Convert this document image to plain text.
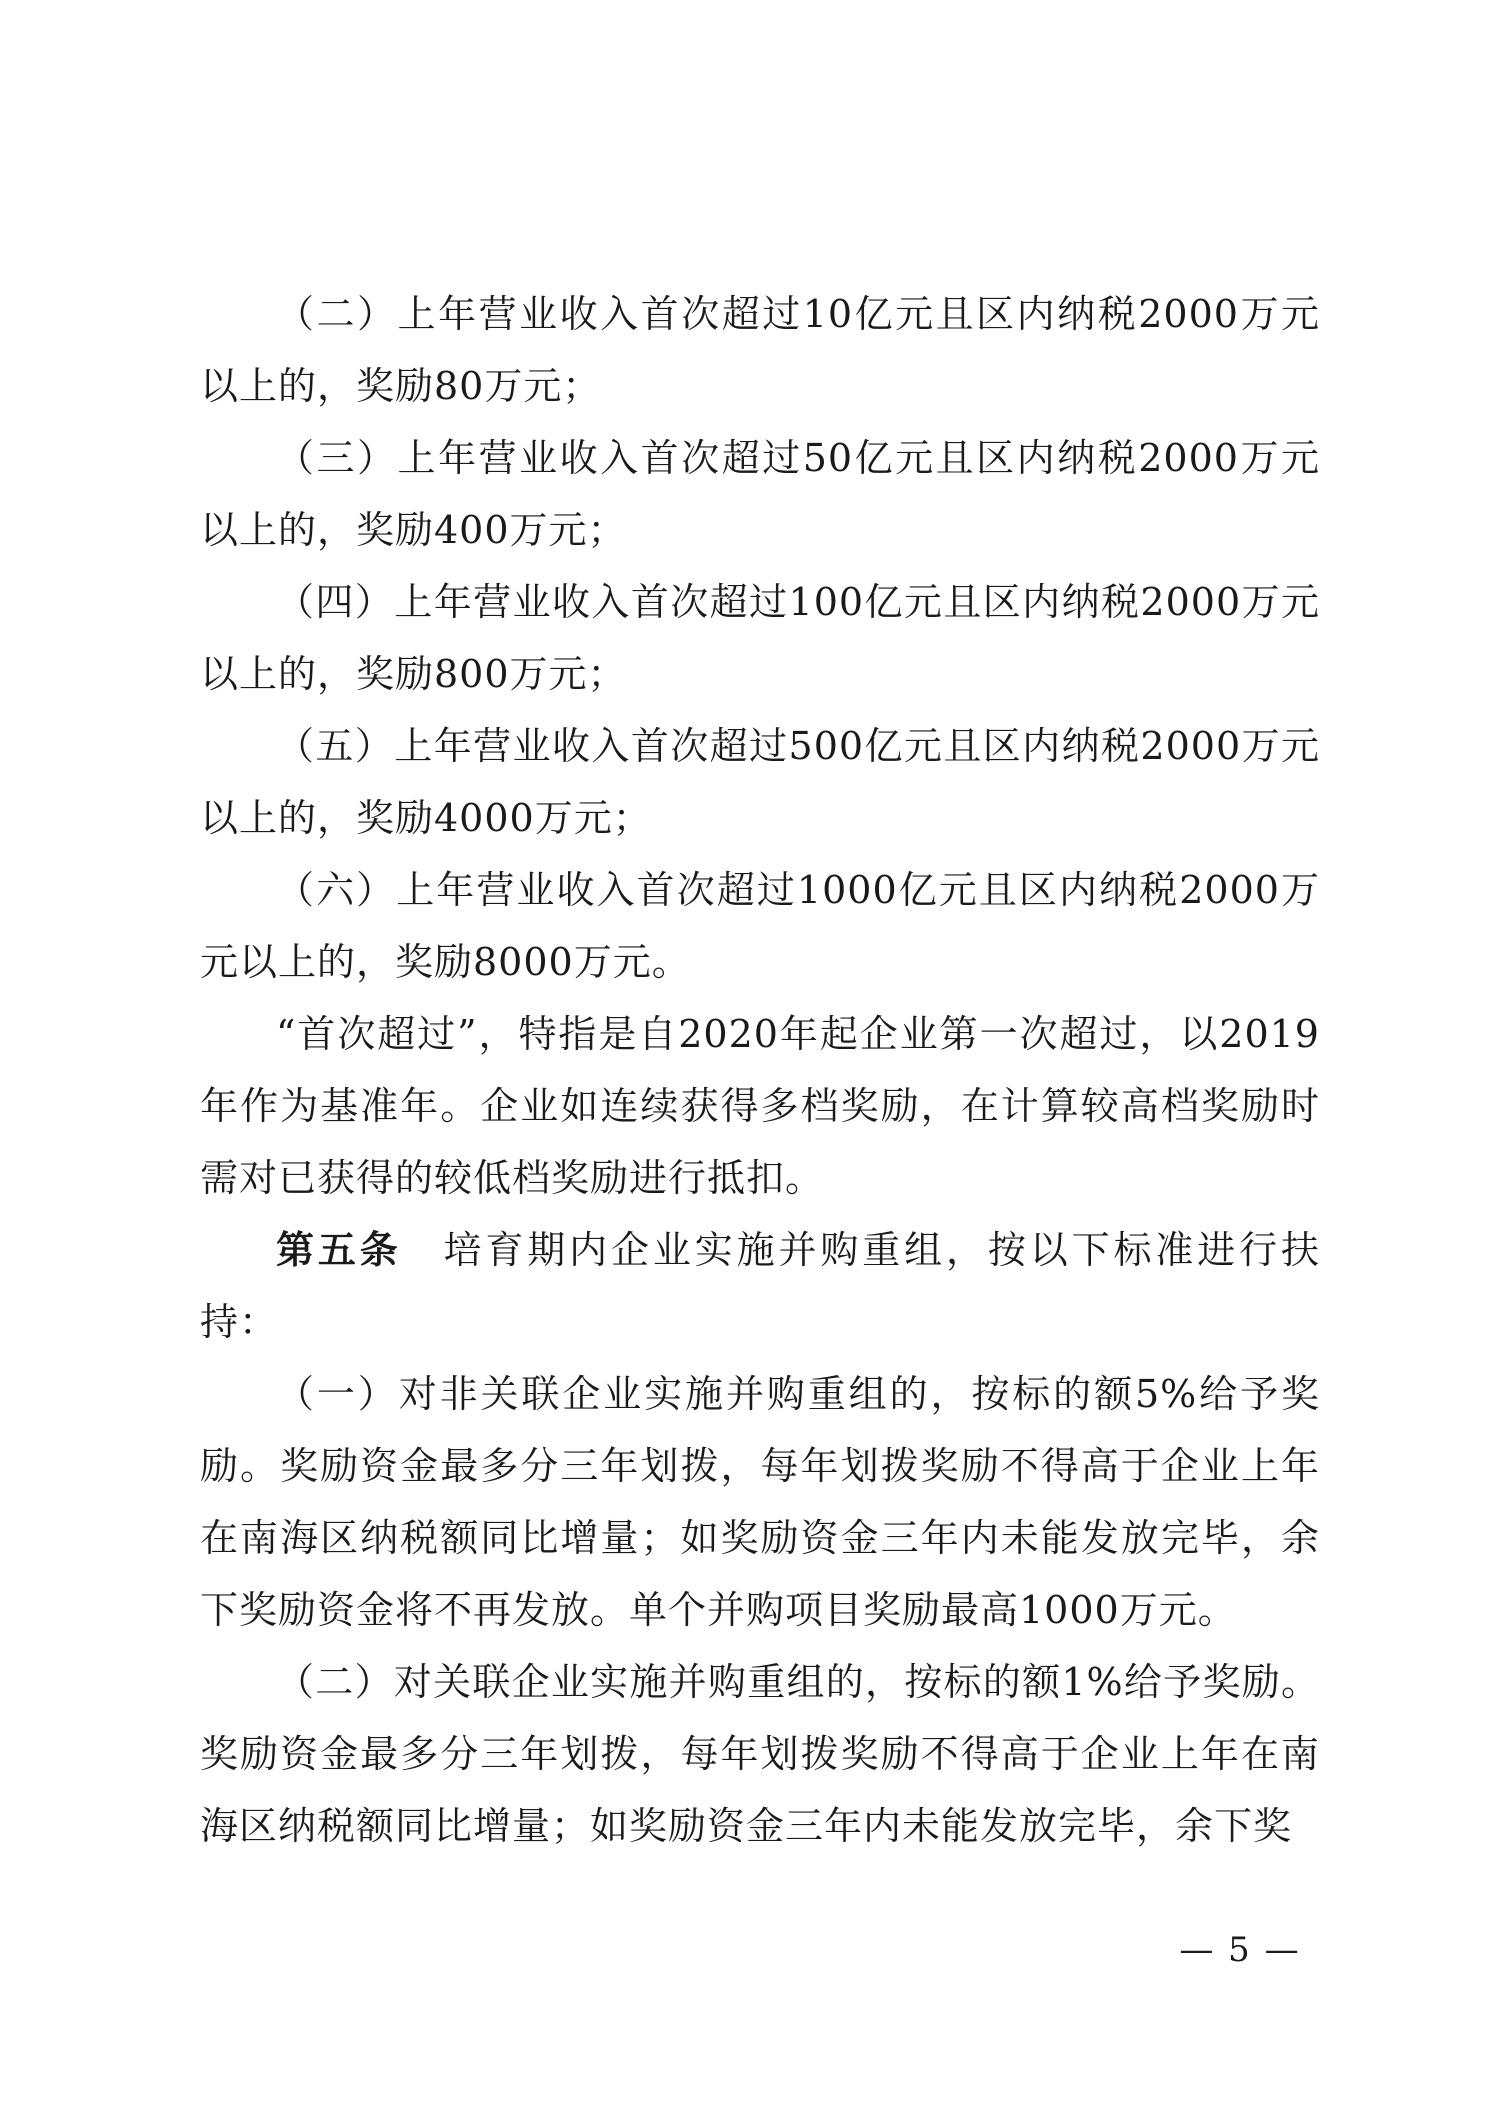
（二）上年营业收入首次超过10亿元且区内纳税2000万元以上的，奖励80万元；

（三）上年营业收入首次超过50亿元且区内纳税2000万元以上的，奖励400万元；

（四）上年营业收入首次超过100亿元且区内纳税2000万元以上的，奖励800万元；

（五）上年营业收入首次超过500亿元且区内纳税2000万元以上的，奖励4000万元；

（六）上年营业收入首次超过1000亿元且区内纳税2000万元以上的，奖励8000万元。

“首次超过”，特指是自2020年起企业第一次超过，以2019年作为基准年。企业如连续获得多档奖励，在计算较高档奖励时需对已获得的较低档奖励进行抵扣。

第五条　培育期内企业实施并购重组，按以下标准进行扶持：

（一）对非关联企业实施并购重组的，按标的额5%给予奖励。奖励资金最多分三年划拨，每年划拨奖励不得高于企业上年在南海区纳税额同比增量；如奖励资金三年内未能发放完毕，余下奖励资金将不再发放。单个并购项目奖励最高1000万元。

（二）对关联企业实施并购重组的，按标的额1%给予奖励。奖励资金最多分三年划拨，每年划拨奖励不得高于企业上年在南海区纳税额同比增量；如奖励资金三年内未能发放完毕，余下奖

— 5 —
